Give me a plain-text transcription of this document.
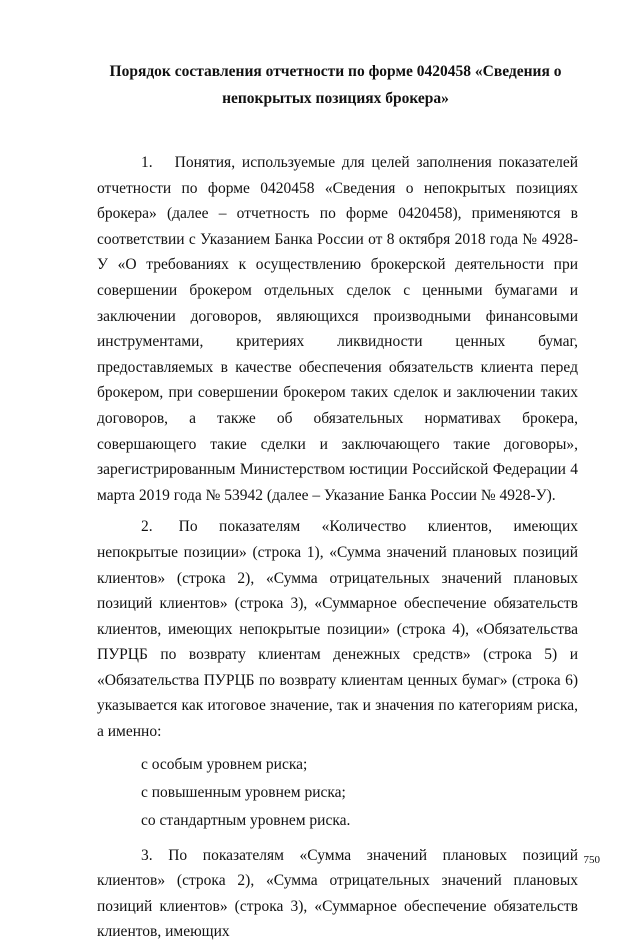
Порядок составления отчетности по форме 0420458 «Сведения о
непокрытых позициях брокера»

1. Понятия, используемые для целей заполнения показателей отчетности по форме 0420458 «Сведения о непокрытых позициях брокера» (далее – отчетность по форме 0420458), применяются в соответствии с Указанием Банка России от 8 октября 2018 года № 4928-У «О требованиях к осуществлению брокерской деятельности при совершении брокером отдельных сделок с ценными бумагами и заключении договоров, являющихся производными финансовыми инструментами, критериях ликвидности ценных бумаг, предоставляемых в качестве обеспечения обязательств клиента перед брокером, при совершении брокером таких сделок и заключении таких договоров, а также об обязательных нормативах брокера, совершающего такие сделки и заключающего такие договоры», зарегистрированным Министерством юстиции Российской Федерации 4 марта 2019 года № 53942 (далее – Указание Банка России № 4928-У).

2. По показателям «Количество клиентов, имеющих непокрытые позиции» (строка 1), «Сумма значений плановых позиций клиентов» (строка 2), «Сумма отрицательных значений плановых позиций клиентов» (строка 3), «Суммарное обеспечение обязательств клиентов, имеющих непокрытые позиции» (строка 4), «Обязательства ПУРЦБ по возврату клиентам денежных средств» (строка 5) и «Обязательства ПУРЦБ по возврату клиентам ценных бумаг» (строка 6) указывается как итоговое значение, так и значения по категориям риска, а именно:

с особым уровнем риска;

с повышенным уровнем риска;

со стандартным уровнем риска.

3. По показателям «Сумма значений плановых позиций клиентов» (строка 2), «Сумма отрицательных значений плановых позиций клиентов» (строка 3), «Суммарное обеспечение обязательств клиентов, имеющих

750
